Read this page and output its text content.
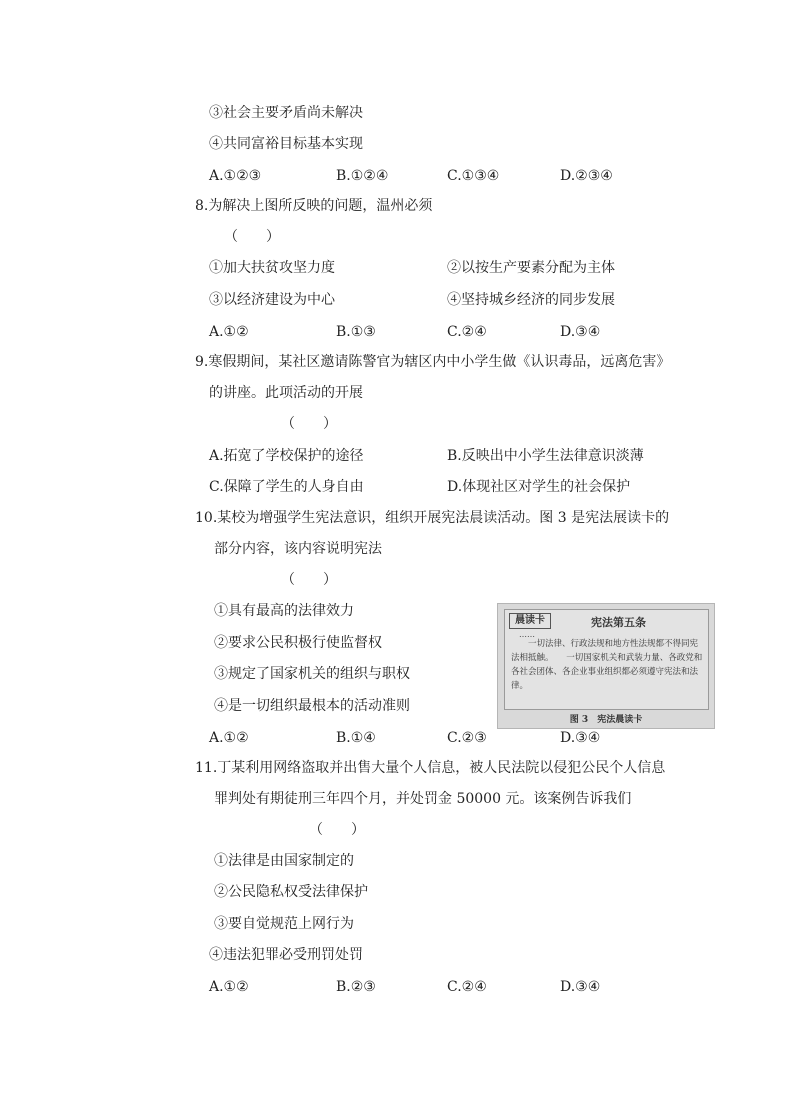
③社会主要矛盾尚未解决
④共同富裕目标基本实现
A.①②③	B.①②④	C.①③④	D.②③④
8.为解决上图所反映的问题，温州必须
（　　）
①加大扶贫攻坚力度	②以按生产要素分配为主体
③以经济建设为中心	④坚持城乡经济的同步发展
A.①②	B.①③	C.②④	D.③④
9.寒假期间，某社区邀请陈警官为辖区内中小学生做《认识毒品，远离危害》
的讲座。此项活动的开展
（　　）
A.拓宽了学校保护的途径	B.反映出中小学生法律意识淡薄
C.保障了学生的人身自由	D.体现社区对学生的社会保护
10.某校为增强学生宪法意识，组织开展宪法晨读活动。图 3 是宪法展读卡的
部分内容，该内容说明宪法
（　　）
①具有最高的法律效力
②要求公民积极行使监督权
③规定了国家机关的组织与职权
④是一切组织最根本的活动准则
A.①②	B.①④	C.②③	D.③④
晨读卡	宪法第五条
……
　　一切法律、行政法规和地方性法规都不得同宪法相抵触。　　一切国家机关和武装力量、各政党和各社会团体、各企业事业组织都必须遵守宪法和法律。
图 3　宪法晨读卡
11.丁某利用网络盗取并出售大量个人信息，被人民法院以侵犯公民个人信息
罪判处有期徒刑三年四个月，并处罚金 50000 元。该案例告诉我们
（　　）
①法律是由国家制定的
②公民隐私权受法律保护
③要自觉规范上网行为
④违法犯罪必受刑罚处罚
A.①②	B.②③	C.②④	D.③④
